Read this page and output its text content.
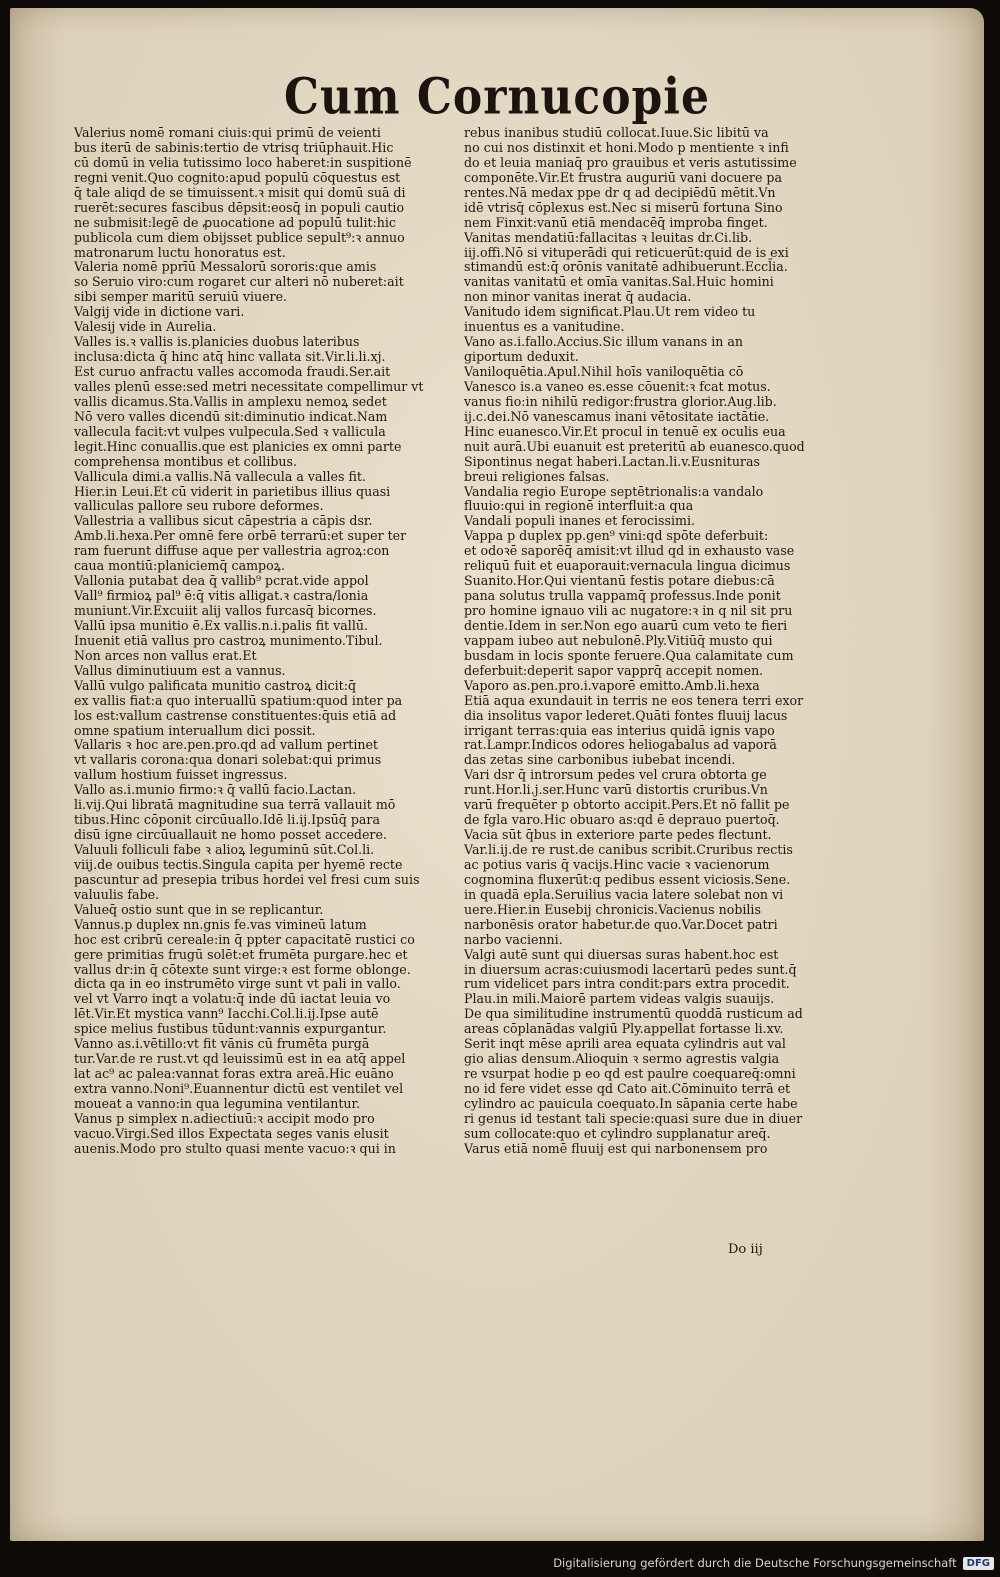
Cum Cornucopie
Valerius nomē romani ciuis:qui primū de veienti
bus iterū de sabinis:tertio de vtrisq triūphauit.Hic
cū domū in velia tutissimo loco haberet:in suspitionē
regni venit.Quo cognito:apud populū cōquestus est
q̄ tale aliqd de se timuissent.ꝛ misit qui domū suā di
ruerēt:secures fascibus dēpsit:eosq̄ in populi cautio
ne submisit:legē de ꝓuocatione ad populū tulit:hic
publicola cum diem obijsset publice sepult⁹:ꝛ annuo
matronarum luctu honoratus est.
Valeria nomē pprīū Messalorū sororis:que amis
so Seruio viro:cum rogaret cur alteri nō nuberet:ait
sibi semper maritū seruiū viuere.
Valgij vide in dictione vari.
Valesij vide in Aurelia.
Valles is.ꝛ vallis is.planicies duobus lateribus
inclusa:dicta q̄ hinc atq̄ hinc vallata sit.Vir.li.li.xj.
Est curuo anfractu valles accomoda fraudi.Ser.ait
valles plenū esse:sed metri necessitate compellimur vt
vallis dicamus.Sta.Vallis in amplexu nemoꝝ sedet
Nō vero valles dicendū sit:diminutio indicat.Nam
vallecula facit:vt vulpes vulpecula.Sed ꝛ vallicula
legit.Hinc conuallis.que est planicies ex omni parte
comprehensa montibus et collibus.
Vallicula dimi.a vallis.Nā vallecula a valles fit.
Hier.in Leui.Et cū viderit in parietibus illius quasi
valliculas pallore seu rubore deformes.
Vallestria a vallibus sicut cāpestria a cāpis dsr.
Amb.li.hexa.Per omnē fere orbē terrarū:et super ter
ram fuerunt diffuse aque per vallestria agroꝝ:con
caua montiū:planiciemq̄ campoꝝ.
Vallonia putabat dea q̄ vallib⁹ pcrat.vide appol
Vall⁹ firmioꝝ pal⁹ ē:q̄ vitis alligat.ꝛ castra/lonia
muniunt.Vir.Excuiit alij vallos furcasq̄ bicornes.
Vallū ipsa munitio ē.Ex vallis.n.i.palis fit vallū.
Inuenit etiā vallus pro castroꝝ munimento.Tibul.
Non arces non vallus erat.Et
Vallus diminutiuum est a vannus.
Vallū vulgo palificata munitio castroꝝ dicit:q̄
ex vallis fiat:a quo interuallū spatium:quod inter pa
los est:vallum castrense constituentes:q̄uis etiā ad
omne spatium interuallum dici possit.
Vallaris ꝛ hoc are.pen.pro.qd ad vallum pertinet
vt vallaris corona:qua donari solebat:qui primus
vallum hostium fuisset ingressus.
Vallo as.i.munio firmo:ꝛ q̄ vallū facio.Lactan.
li.vij.Qui libratā magnitudine sua terrā vallauit mō
tibus.Hinc cōponit circūuallo.Idē li.ij.Ipsūq̄ para
disū igne circūuallauit ne homo posset accedere.
Valuuli folliculi fabe ꝛ alioꝝ leguminū sūt.Col.li.
viij.de ouibus tectis.Singula capita per hyemē recte
pascuntur ad presepia tribus hordei vel fresi cum suis
valuulis fabe.
Valueq̄ ostio sunt que in se replicantur.
Vannus.p duplex nn.gnis fe.vas vimineū latum
hoc est cribrū cereale:in q̄ ppter capacitatē rustici co
gere primitias frugū solēt:et frumēta purgare.hec et
vallus dr:in q̄ cōtexte sunt virge:ꝛ est forme oblonge.
dicta qa in eo instrumēto virge sunt vt pali in vallo.
vel vt Varro inqt a volatu:q̄ inde dū iactat leuia vo
lēt.Vir.Et mystica vann⁹ Iacchi.Col.li.ij.Ipse autē
spice melius fustibus tūdunt:vannis expurgantur.
Vanno as.i.vētillo:vt fit vānis cū frumēta purgā
tur.Var.de re rust.vt qd leuissimū est in ea atq̄ appel
lat ac⁹ ac palea:vannat foras extra areā.Hic euāno
extra vanno.Noni⁹.Euannentur dictū est ventilet vel
moueat a vanno:in qua legumina ventilantur.
Vanus p simplex n.adiectiuū:ꝛ accipit modo pro
vacuo.Virgi.Sed illos Expectata seges vanis elusit
auenis.Modo pro stulto quasi mente vacuo:ꝛ qui in
rebus inanibus studiū collocat.Iuue.Sic libitū va
no cui nos distinxit et honi.Modo p mentiente ꝛ infi
do et leuia maniaq̄ pro grauibus et veris astutissime
componēte.Vir.Et frustra auguriū vani docuere pa
rentes.Nā medax ppe dr q ad decipiēdū mētit.Vn
idē vtrisq̄ cōplexus est.Nec si miserū fortuna Sino
nem Finxit:vanū etiā mendacēq̄ improba finget.
Vanitas mendatiū:fallacitas ꝛ leuitas dr.Ci.lib.
iij.offi.Nō si vituperādi qui reticuerūt:quid de is exi
stimandū est:q̄ orōnis vanitatē adhibuerunt.Eccl̄ia.
vanitas vanitatū et omīa vanitas.Sal.Huic homini
non minor vanitas inerat q̄ audacia.
Vanitudo idem significat.Plau.Ut rem video tu
inuentus es a vanitudine.
Vano as.i.fallo.Accius.Sic illum vanans in an
giportum deduxit.
Vaniloquētia.Apul.Nihil hoīs vaniloquētia cō
Vanesco is.a vaneo es.esse cōuenit:ꝛ fcat motus.
vanus fio:in nihilū redigor:frustra glorior.Aug.lib.
ij.c.dei.Nō vanescamus inani vētositate iactātie.
Hinc euanesco.Vir.Et procul in tenuē ex oculis eua
nuit aurā.Ubi euanuit est preteritū ab euanesco.quod
Sipontinus negat haberi.Lactan.li.v.Eusnituras
breui religiones falsas.
Vandalia regio Europe septētrionalis:a vandalo
fluuio:qui in regionē interfluit:a qua
Vandali populi inanes et ferocissimi.
Vappa p duplex pp.gen⁹ vini:qd spōte deferbuit:
et odoꝛē saporēq̄ amisit:vt illud qd in exhausto vase
reliquū fuit et euaporauit:vernacula lingua dicimus
Suanito.Hor.Qui vientanū festis potare diebus:cā
pana solutus trulla vappamq̄ professus.Inde ponit
pro homine ignauo vili ac nugatore:ꝛ in q nil sit pru
dentie.Idem in ser.Non ego auarū cum veto te fieri
vappam iubeo aut nebulonē.Ply.Vitiūq̄ musto qui
busdam in locis sponte feruere.Qua calamitate cum
deferbuit:deperit sapor vapprq̄ accepit nomen.
Vaporo as.pen.pro.i.vaporē emitto.Amb.li.hexa
Etiā aqua exundauit in terris ne eos tenera terri exor
dia insolitus vapor lederet.Quāti fontes fluuij lacus
irrigant terras:quia eas interius quidā ignis vapo
rat.Lampr.Indicos odores heliogabalus ad vaporā
das zetas sine carbonibus iubebat incendi.
Vari dsr q̄ introrsum pedes vel crura obtorta ge
runt.Hor.li.j.ser.Hunc varū distortis cruribus.Vn
varū frequēter p obtorto accipit.Pers.Et nō fallit pe
de fgla varo.Hic obuaro as:qd ē deprauo puertoq̄.
Vacia sūt q̄bus in exteriore parte pedes flectunt.
Var.li.ij.de re rust.de canibus scribit.Cruribus rectis
ac potius varis q̄ vacijs.Hinc vacie ꝛ vacienorum
cognomina fluxerūt:q pedibus essent viciosis.Sene.
in quadā epla.Seruilius vacia latere solebat non vi
uere.Hier.in Eusebij chronicis.Vacienus nobilis
narbonēsis orator habetur.de quo.Var.Docet patri
narbo vacienni.
Valgi autē sunt qui diuersas suras habent.hoc est
in diuersum acras:cuiusmodi lacertarū pedes sunt.q̄
rum videlicet pars intra condit:pars extra procedit.
Plau.in mili.Maiorē partem videas valgis suauijs.
De qua similitudine instrumentū quoddā rusticum ad
areas cōplanādas valgiū Ply.appellat fortasse li.xv.
Serit inqt mēse aprili area equata cylindris aut val
gio alias densum.Alioquin ꝛ sermo agrestis valgia
re vsurpat hodie p eo qd est paulre coequareq̄:omni
no id fere videt esse qd Cato ait.Cōminuito terrā et
cylindro ac pauicula coequato.In sāpania certe habe
ri genus id testant tali specie:quasi sure due in diuer
sum collocate:quo et cylindro supplanatur areq̄.
Varus etiā nomē fluuij est qui narbonensem pro
Do iij
Digitalisierung gefördert durch die Deutsche Forschungsgemeinschaft	DFG
